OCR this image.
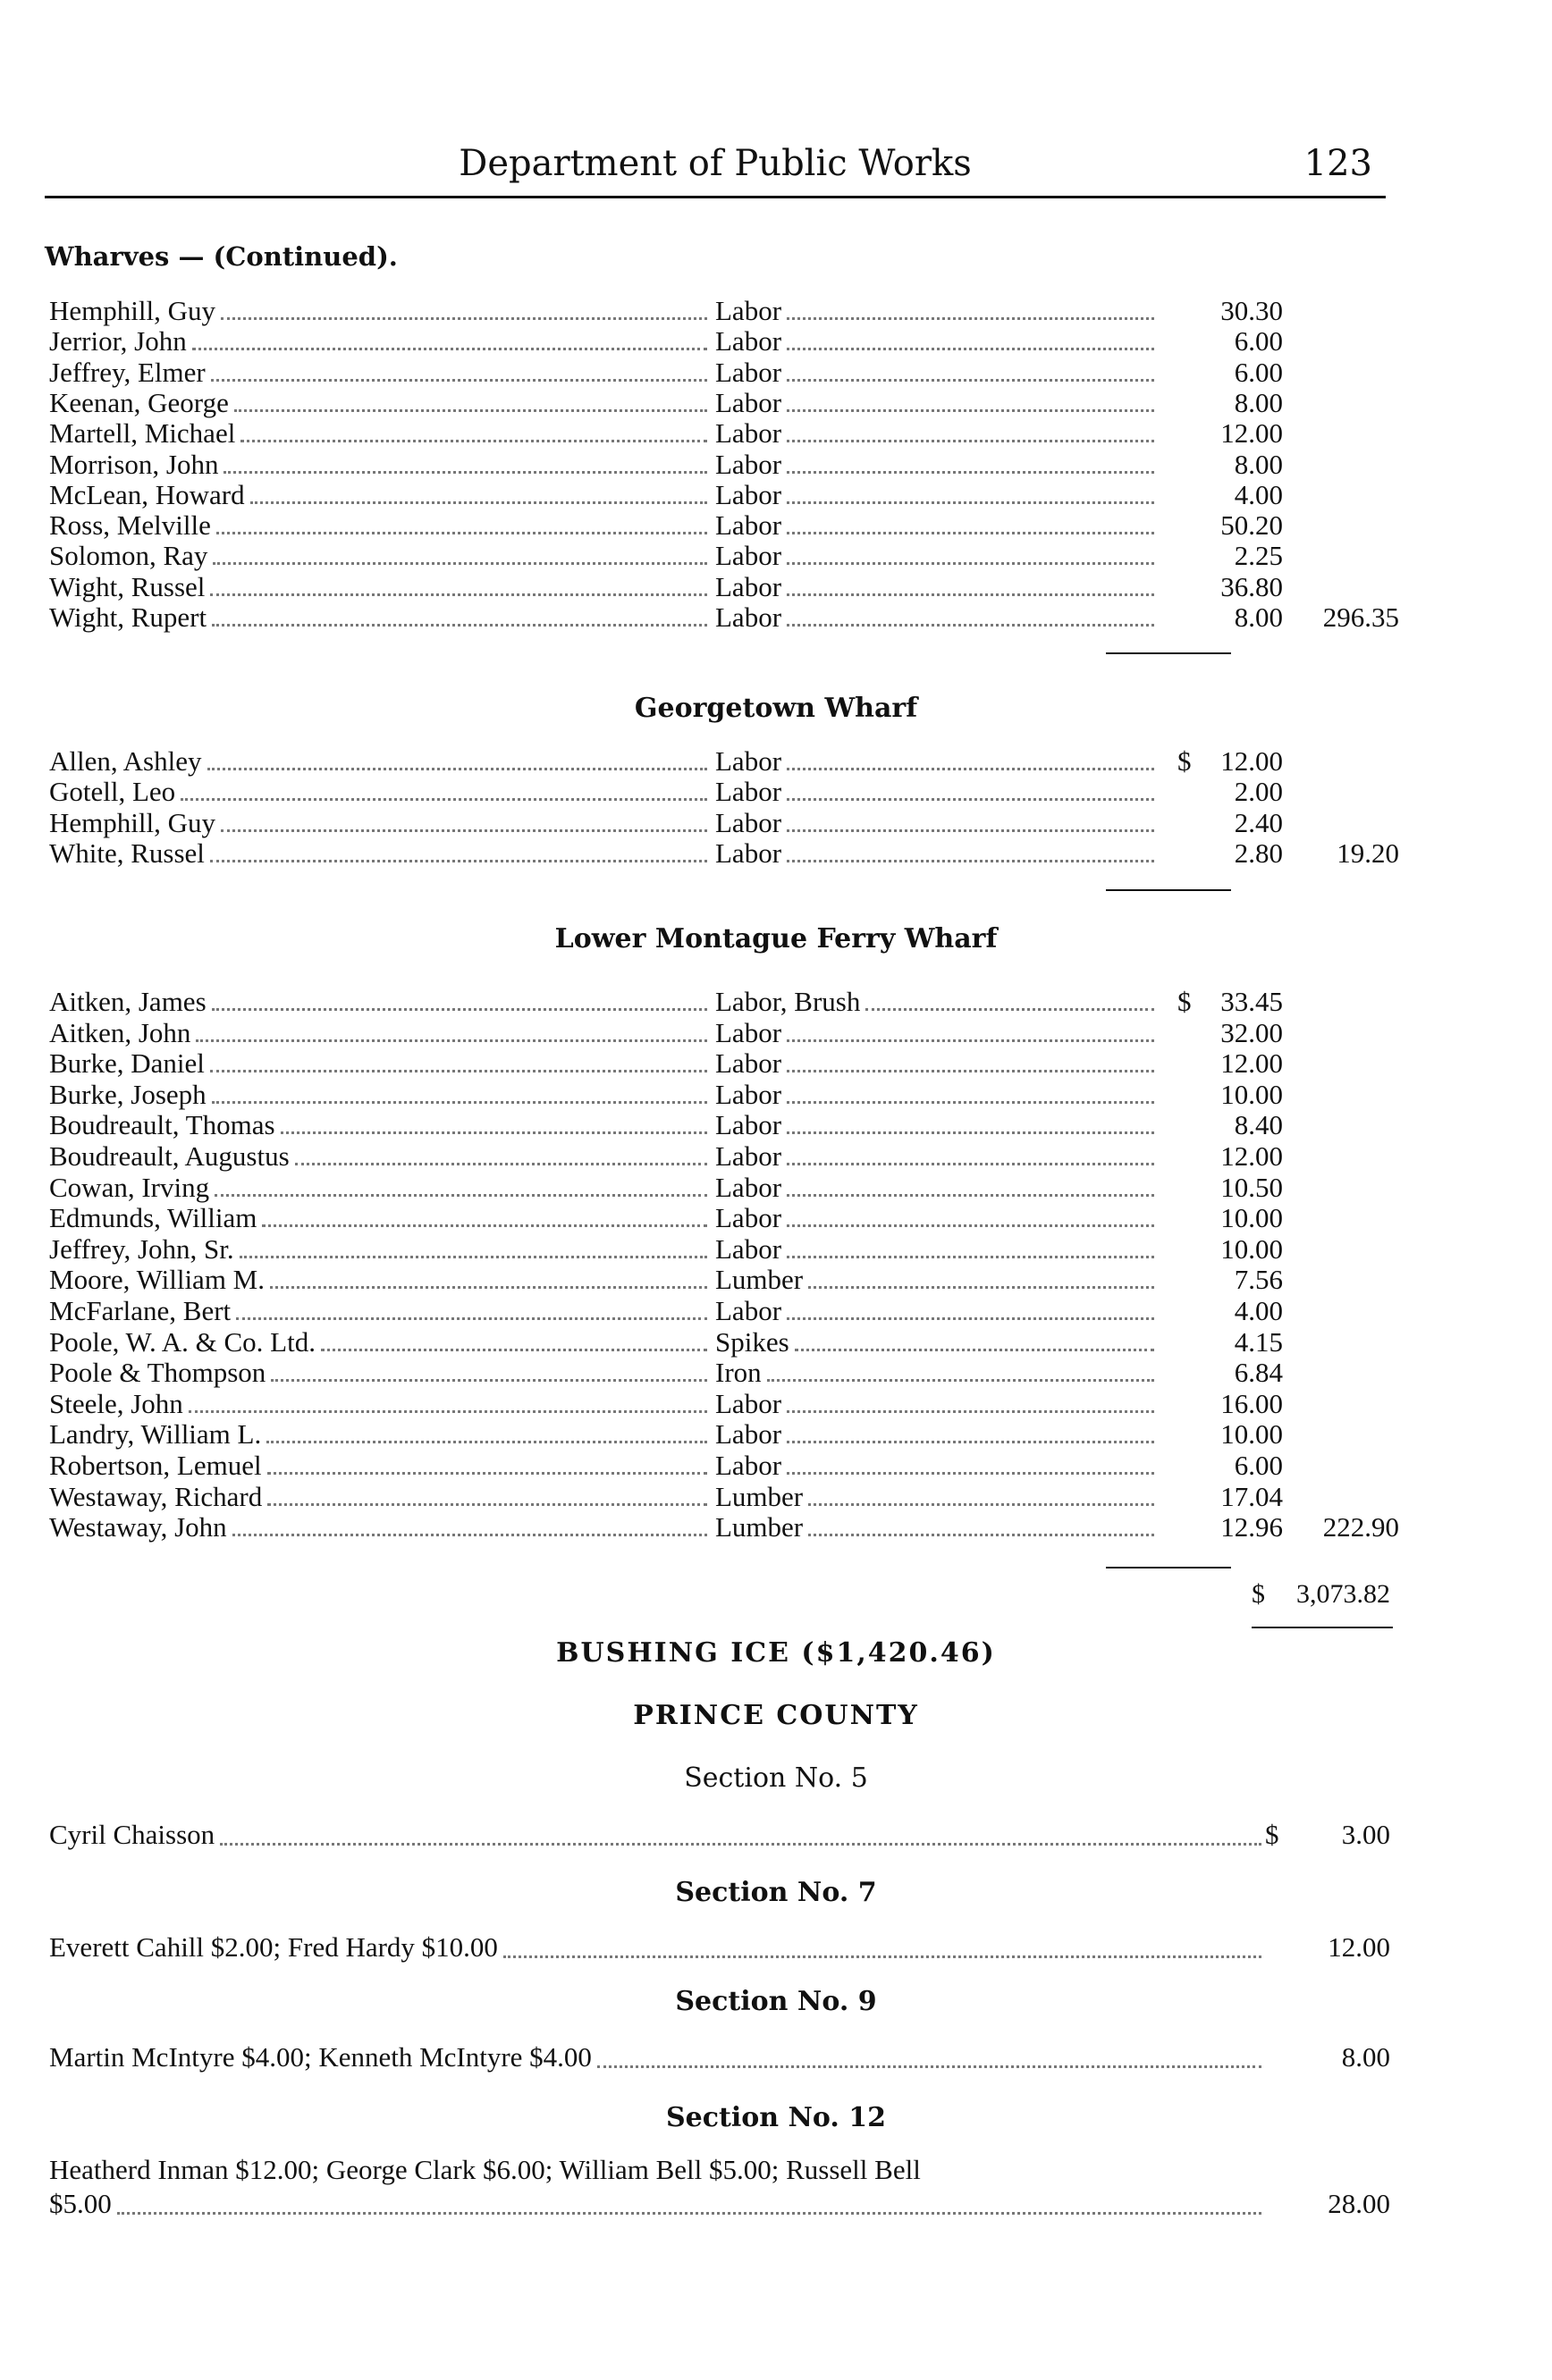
Department of Public Works	123
Wharves — (Continued).
Hemphill, Guy	Labor	30.30
Jerrior, John	Labor	6.00
Jeffrey, Elmer	Labor	6.00
Keenan, George	Labor	8.00
Martell, Michael	Labor	12.00
Morrison, John	Labor	8.00
McLean, Howard	Labor	4.00
Ross, Melville	Labor	50.20
Solomon, Ray	Labor	2.25
Wight, Russel	Labor	36.80
Wight, Rupert	Labor	8.00	296.35
Georgetown Wharf
Allen, Ashley	Labor	$	12.00
Gotell, Leo	Labor	2.00
Hemphill, Guy	Labor	2.40
White, Russel	Labor	2.80	19.20
Lower Montague Ferry Wharf
Aitken, James	Labor, Brush	$	33.45
Aitken, John	Labor	32.00
Burke, Daniel	Labor	12.00
Burke, Joseph	Labor	10.00
Boudreault, Thomas	Labor	8.40
Boudreault, Augustus	Labor	12.00
Cowan, Irving	Labor	10.50
Edmunds, William	Labor	10.00
Jeffrey, John, Sr.	Labor	10.00
Moore, William M.	Lumber	7.56
McFarlane, Bert	Labor	4.00
Poole, W. A. & Co. Ltd.	Spikes	4.15
Poole & Thompson	Iron	6.84
Steele, John	Labor	16.00
Landry, William L.	Labor	10.00
Robertson, Lemuel	Labor	6.00
Westaway, Richard	Lumber	17.04
Westaway, John	Lumber	12.96	222.90
$ 3,073.82
BUSHING ICE ($1,420.46)
PRINCE COUNTY
Section No. 5
Cyril Chaisson	$	3.00
Section No. 7
Everett Cahill $2.00; Fred Hardy $10.00	12.00
Section No. 9
Martin McIntyre $4.00; Kenneth McIntyre $4.00	8.00
Section No. 12
Heatherd Inman $12.00; George Clark $6.00; William Bell $5.00; Russell Bell
$5.00	28.00
